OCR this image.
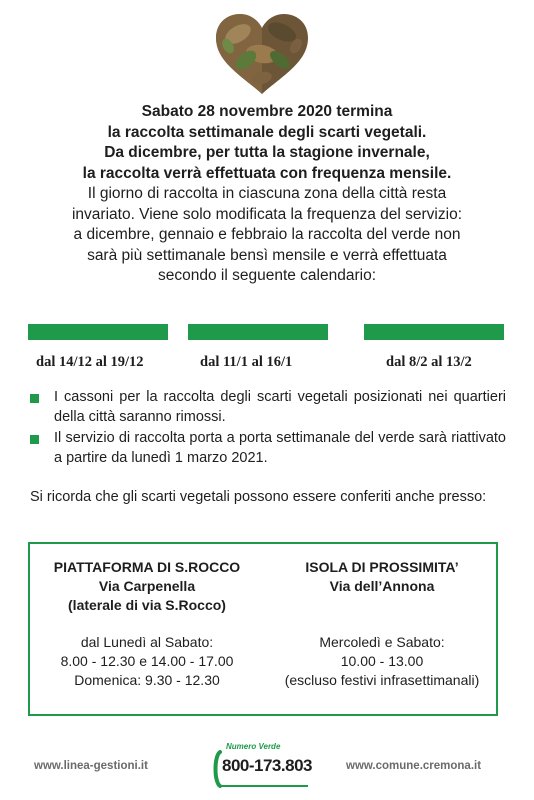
Sabato 28 novembre 2020 termina
la raccolta settimanale degli scarti vegetali.
Da dicembre, per tutta la stagione invernale,
la raccolta verrà effettuata con frequenza mensile.
Il giorno di raccolta in ciascuna zona della città resta
invariato. Viene solo modificata la frequenza del servizio:
a dicembre, gennaio e febbraio la raccolta del verde non
sarà più settimanale bensì mensile e verrà effettuata
secondo il seguente calendario:
dal 14/12 al 19/12	dal 11/1 al 16/1	dal 8/2 al 13/2
I cassoni per la raccolta degli scarti vegetali posizionati nei quartieri della città saranno rimossi.
Il servizio di raccolta porta a porta settimanale del verde sarà riattivato a partire da lunedì 1 marzo 2021.
Si ricorda che gli scarti vegetali possono essere conferiti anche presso:
PIATTAFORMA DI S.ROCCO
Via Carpenella
(laterale di via S.Rocco)
dal Lunedì al Sabato:
8.00 - 12.30 e 14.00 - 17.00
Domenica: 9.30 - 12.30
ISOLA DI PROSSIMITA’
Via dell’Annona
Mercoledì e Sabato:
10.00 - 13.00
(escluso festivi infrasettimanali)
www.linea-gestioni.it
Numero Verde
800-173.803	www.comune.cremona.it
